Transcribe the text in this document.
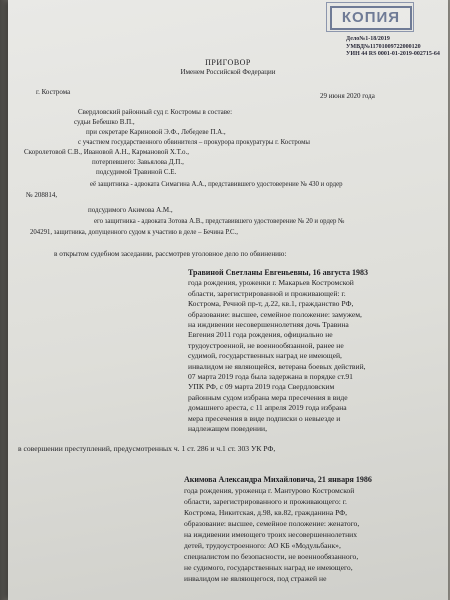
КОПИЯ
Дело№1-18/2019 УМВД№11701009722000120
УИН 44 RS 0001-01-2019-002715-64
ПРИГОВОР
Именем Российской Федерации
г. Кострома	29 июня 2020 года
Свердловский районный суд г. Костромы в составе:
судьи Бебешко В.П.,
при секретаре Кариновой Э.Ф., Лебедеве П.А.,
с участием государственного обвинителя – прокурора прокуратуры г. Костромы
Скоролетовой С.В., Ивановой А.Н., Кармановой Х.Т.о.,
потерпевшего: Завьялова Д.П.,
подсудимой Травиной С.Е.
её защитника - адвоката Симагина А.А., представившего удостоверение № 430 и ордер
№ 208814,
подсудимого Акимова А.М.,
его защитника - адвоката Зотова А.В., представившего удостоверение № 20 и ордер №
204291, защитника, допущенного судом к участию в деле – Бечина Р.С.,
в открытом судебном заседании, рассмотрев уголовное дело по обвинению:
Травиной Светланы Евгеньевны, 16 августа 1983
года рождения, уроженки г. Макарьев Костромской
области, зарегистрированной и проживающей: г.
Кострома, Речной пр-т, д.22, кв.1, гражданство РФ,
образование: высшее, семейное положение: замужем,
на иждивении несовершеннолетняя дочь Травина
Евгения 2011 года рождения, официально не
трудоустроенной, не военнообязанной, ранее не
судимой, государственных наград не имеющей,
инвалидом не являющейся, ветерана боевых действий,
07 марта 2019 года была задержана в порядке ст.91
УПК РФ, с 09 марта 2019 года Свердловским
районным судом избрана мера пресечения в виде
домашнего ареста, с 11 апреля 2019 года избрана
мера пресечения в виде подписки о невыезде и
надлежащем поведении,
в совершении преступлений, предусмотренных ч. 1 ст. 286 и ч.1 ст. 303 УК РФ,
Акимова Александра Михайловича, 21 января 1986
года рождения, уроженца г. Мантурово Костромской
области, зарегистрированного и проживающего: г.
Кострома, Никитская, д.98, кв.82, гражданина РФ,
образование: высшее, семейное положение: женатого,
на иждивении имеющего троих несовершеннолетних
детей, трудоустроенного: АО КБ «Модульбанк»,
специалистом по безопасности, не военнообязанного,
не судимого, государственных наград не имеющего,
инвалидом не являющегося, под стражей не
